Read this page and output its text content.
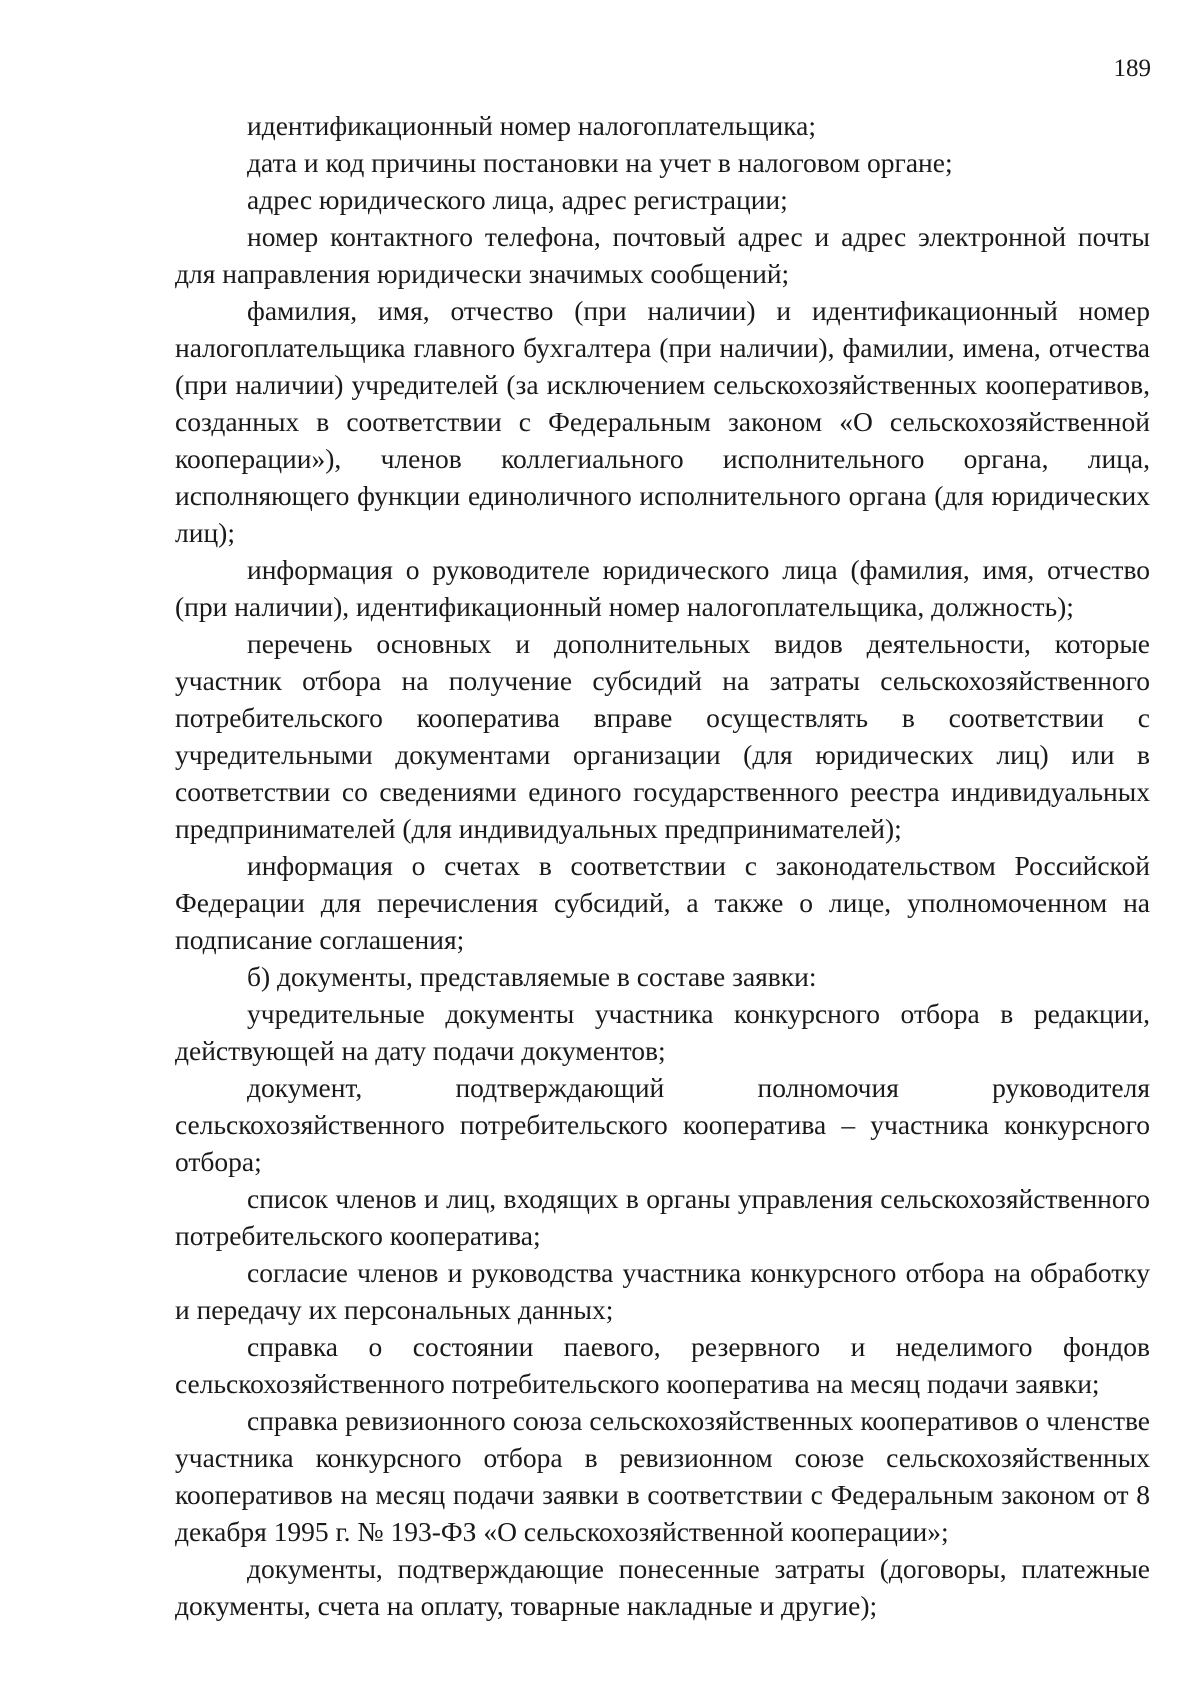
189

идентификационный номер налогоплательщика;

дата и код причины постановки на учет в налоговом органе;

адрес юридического лица, адрес регистрации;

номер контактного телефона, почтовый адрес и адрес электронной почты для направления юридически значимых сообщений;

фамилия, имя, отчество (при наличии) и идентификационный номер налогоплательщика главного бухгалтера (при наличии), фамилии, имена, отчества (при наличии) учредителей (за исключением сельскохозяйственных кооперативов, созданных в соответствии с Федеральным законом «О сельскохозяйственной кооперации»), членов коллегиального исполнительного органа, лица, исполняющего функции единоличного исполнительного органа (для юридических лиц);

информация о руководителе юридического лица (фамилия, имя, отчество (при наличии), идентификационный номер налогоплательщика, должность);

перечень основных и дополнительных видов деятельности, которые участник отбора на получение субсидий на затраты сельскохозяйственного потребительского кооператива вправе осуществлять в соответствии с учредительными документами организации (для юридических лиц) или в соответствии со сведениями единого государственного реестра индивидуальных предпринимателей (для индивидуальных предпринимателей);

информация о счетах в соответствии с законодательством Российской Федерации для перечисления субсидий, а также о лице, уполномоченном на подписание соглашения;

б) документы, представляемые в составе заявки:

учредительные документы участника конкурсного отбора в редакции, действующей на дату подачи документов;

документ, подтверждающий полномочия руководителя сельскохозяйственного потребительского кооператива – участника конкурсного отбора;

список членов и лиц, входящих в органы управления сельскохозяйственного потребительского кооператива;

согласие членов и руководства участника конкурсного отбора на обработку и передачу их персональных данных;

справка о состоянии паевого, резервного и неделимого фондов сельскохозяйственного потребительского кооператива на месяц подачи заявки;

справка ревизионного союза сельскохозяйственных кооперативов о членстве участника конкурсного отбора в ревизионном союзе сельскохозяйственных кооперативов на месяц подачи заявки в соответствии с Федеральным законом от 8 декабря 1995 г. № 193-ФЗ «О сельскохозяйственной кооперации»;

документы, подтверждающие понесенные затраты (договоры, платежные документы, счета на оплату, товарные накладные и другие);
